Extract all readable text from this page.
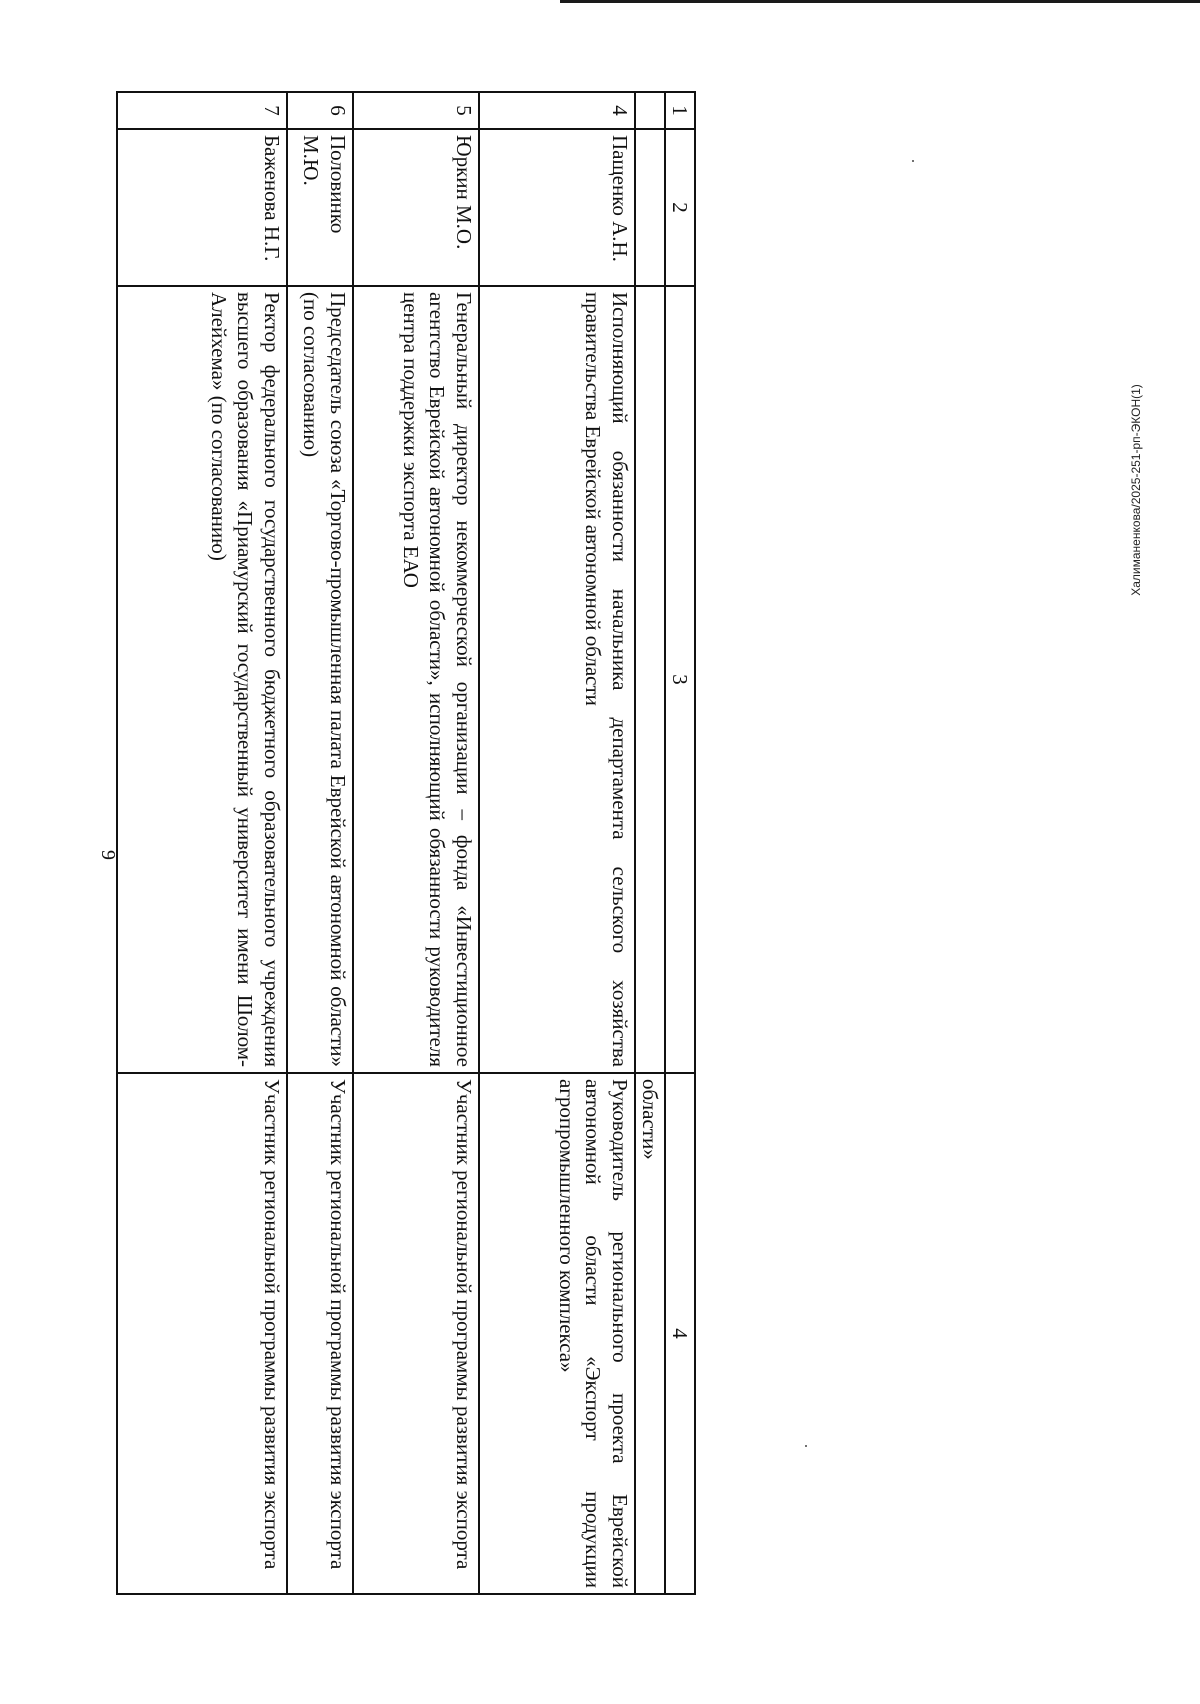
9
Халиманенкова/2025-251-рп-ЭКОН(1)
1	2	3	4
			области»
4	Пащенко А.Н.	Исполняющий обязанности начальника департамента сельского хозяйства правительства Еврейской автономной области	Руководитель регионального проекта Еврейской автономной области «Экспорт продукции агропромышленного комплекса»
5	Юркин М.О.	Генеральный директор некоммерческой организации – фонда «Инвестиционное агентство Еврейской автономной области», исполняющий обязанности руководителя центра поддержки экспорта ЕАО	Участник региональной программы развития экспорта
6	Половинко М.Ю.	Председатель союза «Торгово-промышленная палата Еврейской автономной области» (по согласованию)	Участник региональной программы развития экспорта
7	Баженова Н.Г.	Ректор федерального государственного бюджетного образовательного учреждения высшего образования «Приамурский государственный университет имени Шолом-Алейхема» (по согласованию)	Участник региональной программы развития экспорта
